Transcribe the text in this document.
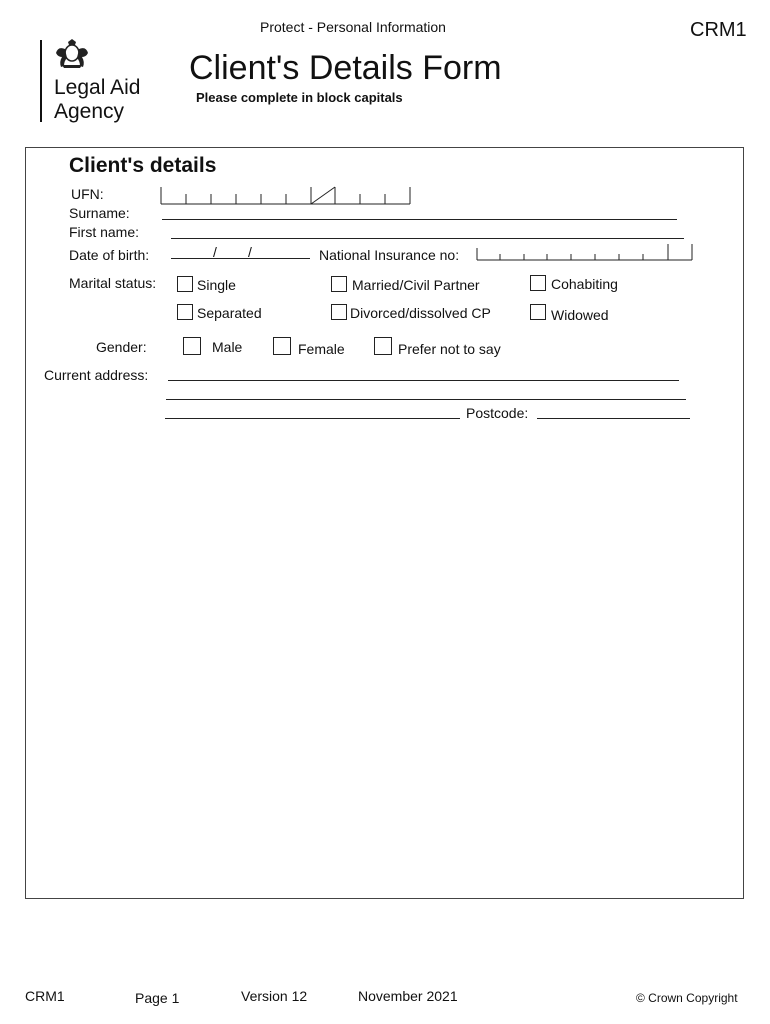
Protect - Personal Information	CRM1
Legal Aid
Agency
Client's Details Form
Please complete in block capitals
Client's details
UFN:
Surname:
First name:
Date of birth:	/ /	National Insurance no:
Marital status:	Single	Married/Civil Partner	Cohabiting
Separated	Divorced/dissolved CP	Widowed
Gender:	Male	Female	Prefer not to say
Current address:
Postcode:
CRM1	Page 1	Version 12	November 2021	© Crown Copyright
